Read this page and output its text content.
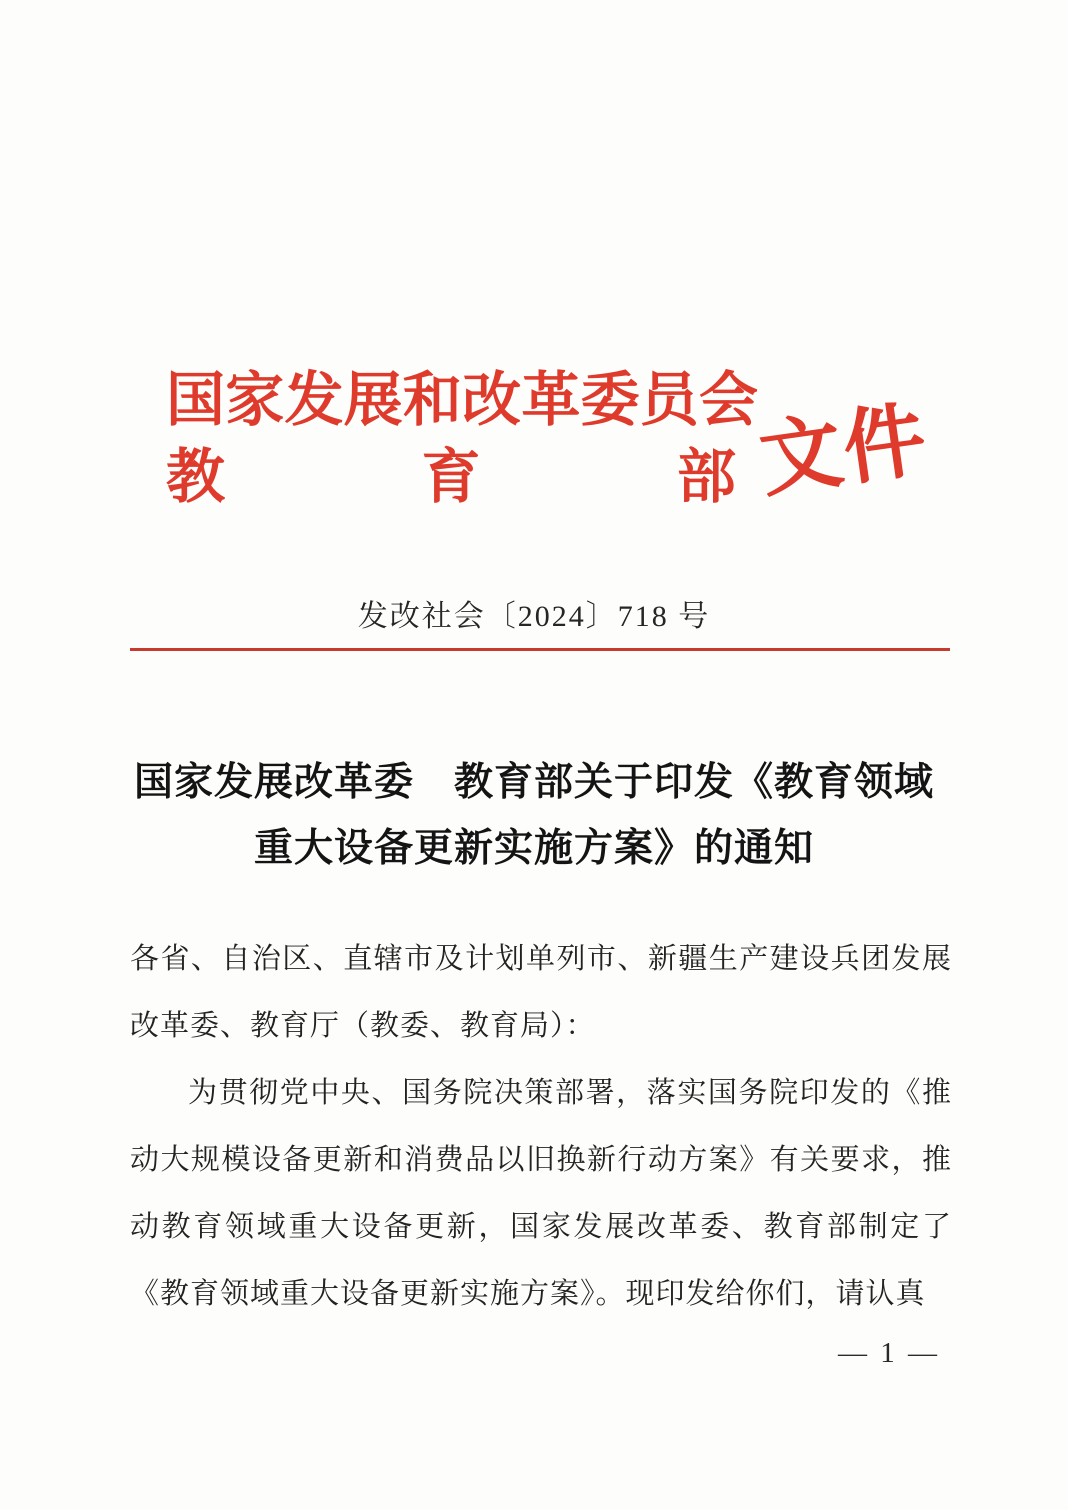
国 家 发 展 和 改 革 委 员 会
教	育	部 文件
发改社会〔2024〕718 号
国家发展改革委　教育部关于印发《教育领域
重大设备更新实施方案》的通知

各省、自治区、直辖市及计划单列市、新疆生产建设兵团发展改革委、教育厅（教委、教育局）：

为贯彻党中央、国务院决策部署，落实国务院印发的《推动大规模设备更新和消费品以旧换新行动方案》有关要求，推动教育领域重大设备更新，国家发展改革委、教育部制定了《教育领域重大设备更新实施方案》。现印发给你们，请认真

— 1 —
